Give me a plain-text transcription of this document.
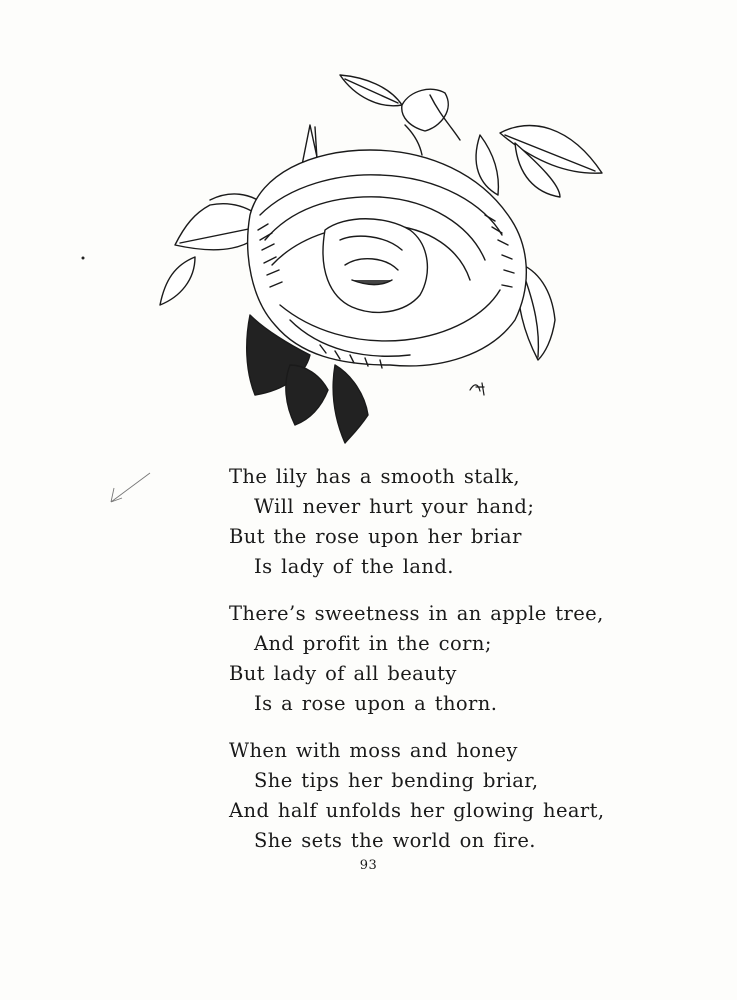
The lily has a smooth stalk,
Will never hurt your hand;
But the rose upon her briar
Is lady of the land.
There’s sweetness in an apple tree,
And profit in the corn;
But lady of all beauty
Is a rose upon a thorn.
When with moss and honey
She tips her bending briar,
And half unfolds her glowing heart,
She sets the world on fire.
93
